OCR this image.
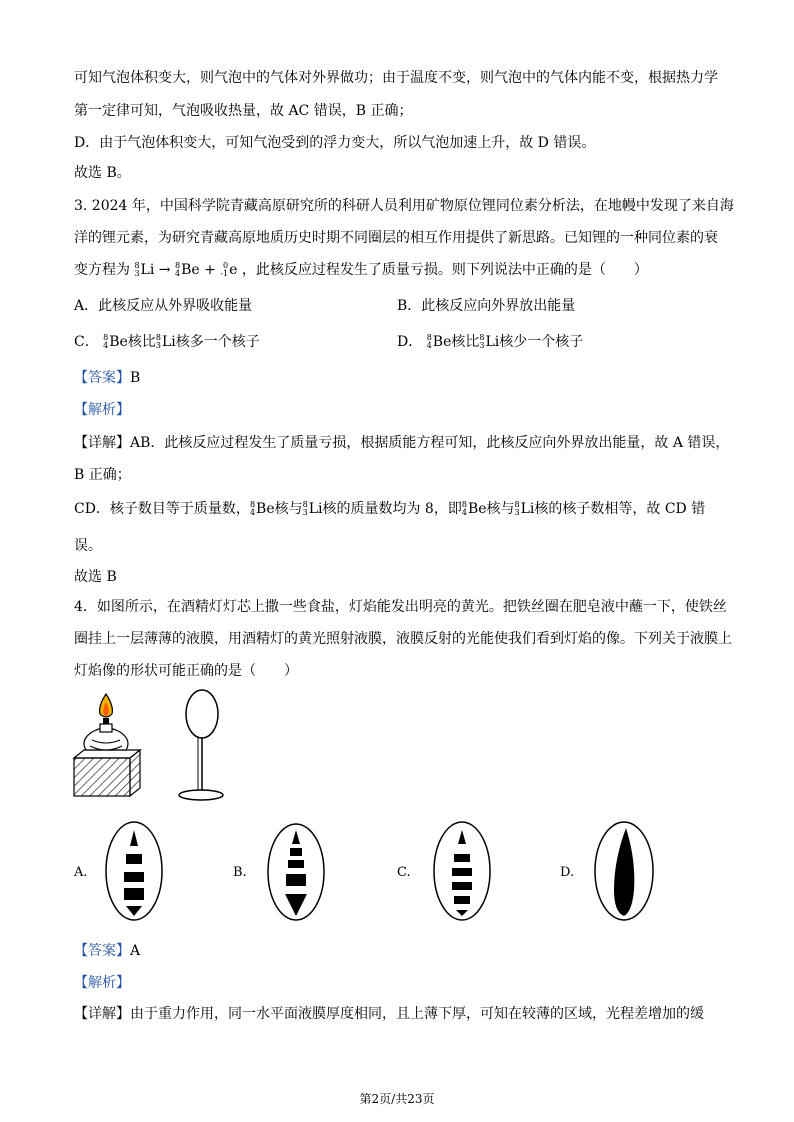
可知气泡体积变大，则气泡中的气体对外界做功；由于温度不变，则气泡中的气体内能不变，根据热力学
第一定律可知，气泡吸收热量，故 AC 错误，B 正确；
D．由于气泡体积变大，可知气泡受到的浮力变大，所以气泡加速上升，故 D 错误。
故选 B。
3. 2024 年，中国科学院青藏高原研究所的科研人员利用矿物原位锂同位素分析法，在地幔中发现了来自海
洋的锂元素，为研究青藏高原地质历史时期不同圈层的相互作用提供了新思路。已知锂的一种同位素的衰
变方程为 8
3 Li → 8
4 Be + 0
-1 e ，此核反应过程发生了质量亏损。则下列说法中正确的是（　　）
A．此核反应从外界吸收能量	B．此核反应向外界放出能量
C． 8
4 Be核比 8
3 Li核多一个核子	D． 8
4 Be核比 8
3 Li核少一个核子
【答案】B
【解析】
【详解】AB．此核反应过程发生了质量亏损，根据质能方程可知，此核反应向外界放出能量，故 A 错误，
B 正确；
CD．核子数目等于质量数， 8
4 Be核与 8
3 Li核的质量数均为 8，即 8
4 Be核与 8
3 Li核的核子数相等，故 CD 错
误。
故选 B
4．如图所示，在酒精灯灯芯上撒一些食盐，灯焰能发出明亮的黄光。把铁丝圈在肥皂液中蘸一下，使铁丝
圈挂上一层薄薄的液膜，用酒精灯的黄光照射液膜，液膜反射的光能使我们看到灯焰的像。下列关于液膜上
灯焰像的形状可能正确的是（　　）
A.	B.	C.	D.
【答案】A
【解析】
【详解】由于重力作用，同一水平面液膜厚度相同，且上薄下厚，可知在较薄的区域，光程差增加的缓
第2页/共23页
